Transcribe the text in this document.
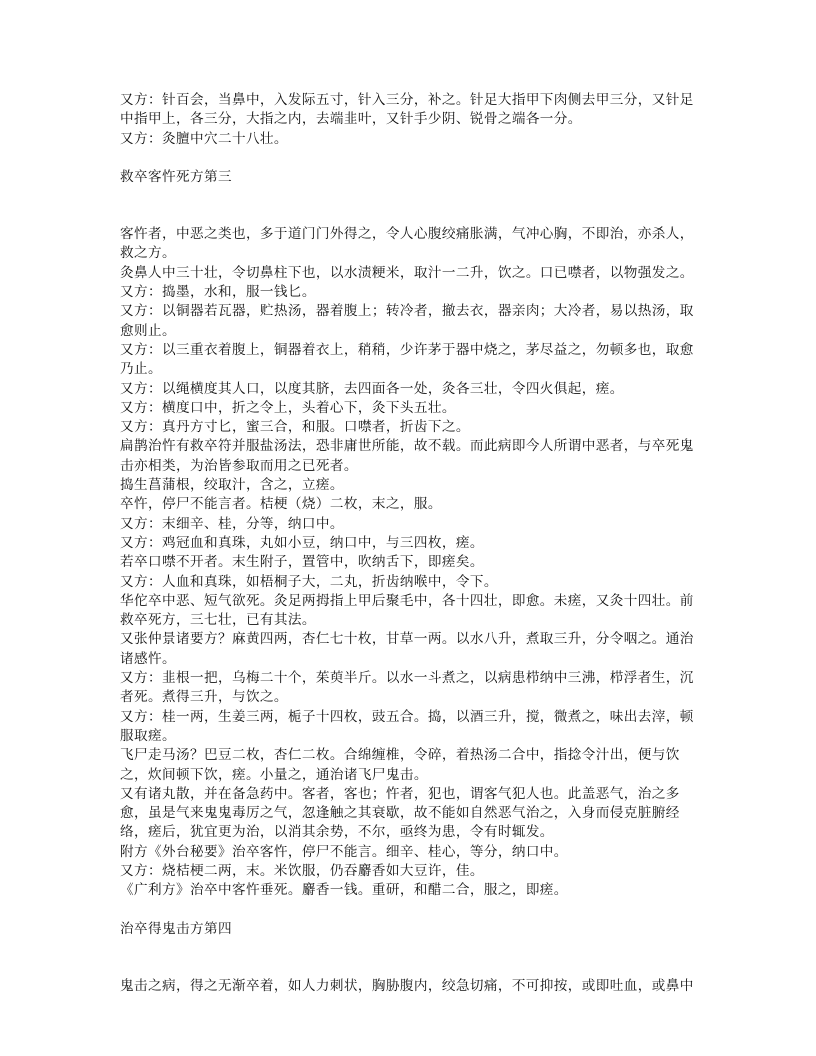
又方：针百会，当鼻中，入发际五寸，针入三分，补之。针足大指甲下肉侧去甲三分，又针足中指甲上，各三分，大指之内，去端韭叶，又针手少阴、锐骨之端各一分。

又方：灸膻中穴二十八壮。

救卒客忤死方第三

客忤者，中恶之类也，多于道门门外得之，令人心腹绞痛胀满，气冲心胸，不即治，亦杀人，救之方。

灸鼻人中三十壮，令切鼻柱下也，以水渍粳米，取汁一二升，饮之。口已噤者，以物强发之。

又方：捣墨，水和，服一钱匕。

又方：以铜器若瓦器，贮热汤，器着腹上；转冷者，撤去衣，器亲肉；大冷者，易以热汤，取愈则止。

又方：以三重衣着腹上，铜器着衣上，稍稍，少许茅于器中烧之，茅尽益之，勿顿多也，取愈乃止。

又方：以绳横度其人口，以度其脐，去四面各一处，灸各三壮，令四火俱起，瘥。

又方：横度口中，折之令上，头着心下，灸下头五壮。

又方：真丹方寸匕，蜜三合，和服。口噤者，折齿下之。

扁鹊治忤有救卒符并服盐汤法，恐非庸世所能，故不载。而此病即今人所谓中恶者，与卒死鬼击亦相类，为治皆参取而用之已死者。

捣生菖蒲根，绞取汁，含之，立瘥。

卒忤，停尸不能言者。桔梗（烧）二枚，末之，服。

又方：末细辛、桂，分等，纳口中。

又方：鸡冠血和真珠，丸如小豆，纳口中，与三四枚，瘥。

若卒口噤不开者。末生附子，置管中，吹纳舌下，即瘥矣。

又方：人血和真珠，如梧桐子大，二丸，折齿纳喉中，令下。

华佗卒中恶、短气欲死。灸足两拇指上甲后聚毛中，各十四壮，即愈。未瘥，又灸十四壮。前救卒死方，三七壮，已有其法。

又张仲景诸要方？麻黄四两，杏仁七十枚，甘草一两。以水八升，煮取三升，分令咽之。通治诸感忤。

又方：韭根一把，乌梅二十个，茱萸半斤。以水一斗煮之，以病患栉纳中三沸，栉浮者生，沉者死。煮得三升，与饮之。

又方：桂一两，生姜三两，栀子十四枚，豉五合。捣，以酒三升，搅，微煮之，味出去滓，顿服取瘥。

飞尸走马汤？巴豆二枚，杏仁二枚。合绵缠椎，令碎，着热汤二合中，指捻令汁出，便与饮之，炊间顿下饮，瘥。小量之，通治诸飞尸鬼击。

又有诸丸散，并在备急药中。客者，客也；忤者，犯也，谓客气犯人也。此盖恶气，治之多愈，虽是气来鬼鬼毒厉之气，忽逢触之其衰歇，故不能如自然恶气治之，入身而侵克脏腑经络，瘥后，犹宜更为治，以消其余势，不尔，亟终为患，令有时辄发。

附方《外台秘要》治卒客忤，停尸不能言。细辛、桂心，等分，纳口中。

又方：烧桔梗二两，末。米饮服，仍吞麝香如大豆许，佳。

《广利方》治卒中客忤垂死。麝香一钱。重研，和醋二合，服之，即瘥。

治卒得鬼击方第四

鬼击之病，得之无渐卒着，如人力刺状，胸胁腹内，绞急切痛，不可抑按，或即吐血，或鼻中
